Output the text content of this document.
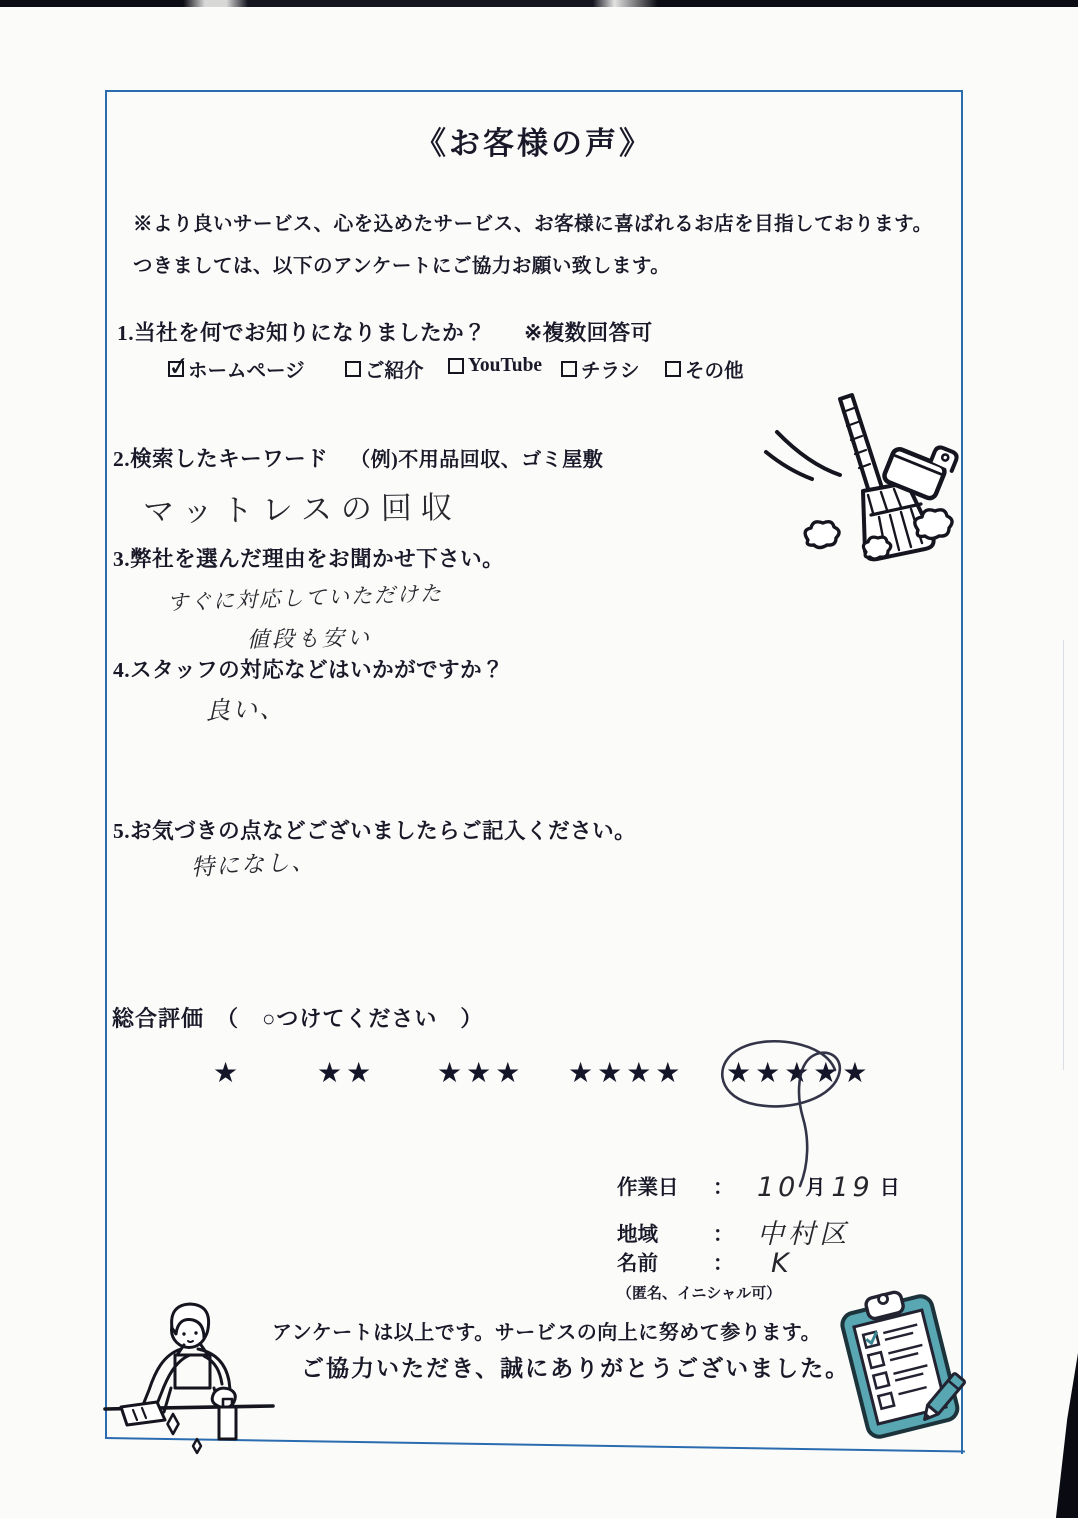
《お客様の声》
※より良いサービス、心を込めたサービス、お客様に喜ばれるお店を目指しております。
つきましては、以下のアンケートにご協力お願い致します。
1.当社を何でお知りになりましたか？ ※複数回答可
✓
ホームページ	ご紹介 YouTube チラシ その他
2.検索したキーワード （例)不用品回収、ゴミ屋敷
マットレスの回収
3.弊社を選んだ理由をお聞かせ下さい。
すぐに対応していただけた
値段も安い
4.スタッフの対応などはいかがですか？
良い、
5.お気づきの点などございましたらご記入ください。
特になし、
総合評価　 （　○つけてください　）
★	★★ ★★★ ★★★★ ★★★★★
作業日 ： 10 月 19 日
地域	： 中村区
名前	： K
（匿名、イニシャル可）
アンケートは以上です。サービスの向上に努めて参ります。
ご協力いただき、誠にありがとうございました。
